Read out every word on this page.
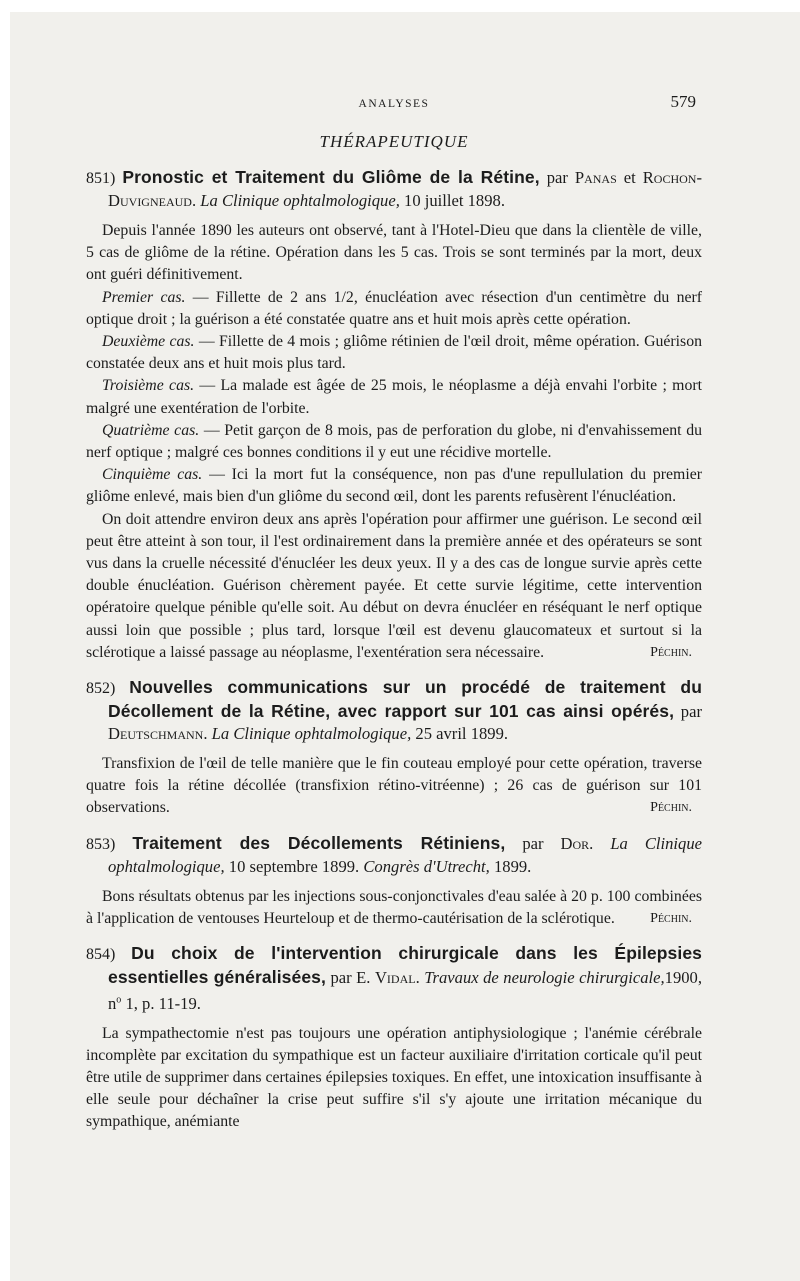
ANALYSES	579
THÉRAPEUTIQUE
851) Pronostic et Traitement du Gliôme de la Rétine, par Panas et Rochon-Duvigneaud. La Clinique ophtalmologique, 10 juillet 1898.

Depuis l'année 1890 les auteurs ont observé, tant à l'Hotel-Dieu que dans la clientèle de ville, 5 cas de gliôme de la rétine. Opération dans les 5 cas. Trois se sont terminés par la mort, deux ont guéri définitivement.

Premier cas. — Fillette de 2 ans 1/2, énucléation avec résection d'un centimètre du nerf optique droit ; la guérison a été constatée quatre ans et huit mois après cette opération.

Deuxième cas. — Fillette de 4 mois ; gliôme rétinien de l'œil droit, même opération. Guérison constatée deux ans et huit mois plus tard.

Troisième cas. — La malade est âgée de 25 mois, le néoplasme a déjà envahi l'orbite ; mort malgré une exentération de l'orbite.

Quatrième cas. — Petit garçon de 8 mois, pas de perforation du globe, ni d'envahissement du nerf optique ; malgré ces bonnes conditions il y eut une récidive mortelle.

Cinquième cas. — Ici la mort fut la conséquence, non pas d'une repullulation du premier gliôme enlevé, mais bien d'un gliôme du second œil, dont les parents refusèrent l'énucléation.

On doit attendre environ deux ans après l'opération pour affirmer une guérison. Le second œil peut être atteint à son tour, il l'est ordinairement dans la première année et des opérateurs se sont vus dans la cruelle nécessité d'énucléer les deux yeux. Il y a des cas de longue survie après cette double énucléation. Guérison chèrement payée. Et cette survie légitime, cette intervention opératoire quelque pénible qu'elle soit. Au début on devra énucléer en réséquant le nerf optique aussi loin que possible ; plus tard, lorsque l'œil est devenu glaucomateux et surtout si la sclérotique a laissé passage au néoplasme, l'exentération sera nécessaire.	Péchin.

852) Nouvelles communications sur un procédé de traitement du Décollement de la Rétine, avec rapport sur 101 cas ainsi opérés, par Deutschmann. La Clinique ophtalmologique, 25 avril 1899.

Transfixion de l'œil de telle manière que le fin couteau employé pour cette opération, traverse quatre fois la rétine décollée (transfixion rétino-vitréenne) ; 26 cas de guérison sur 101 observations.	Péchin.

853) Traitement des Décollements Rétiniens, par Dor. La Clinique ophtalmologique, 10 septembre 1899. Congrès d'Utrecht, 1899.

Bons résultats obtenus par les injections sous-conjonctivales d'eau salée à 20 p. 100 combinées à l'application de ventouses Heurteloup et de thermo-cautérisation de la sclérotique.	Péchin.

854) Du choix de l'intervention chirurgicale dans les Épilepsies essentielles généralisées, par E. Vidal. Travaux de neurologie chirurgicale,1900, $n^o$ 1, p. 11-19.

La sympathectomie n'est pas toujours une opération antiphysiologique ; l'anémie cérébrale incomplète par excitation du sympathique est un facteur auxiliaire d'irritation corticale qu'il peut être utile de supprimer dans certaines épilepsies toxiques. En effet, une intoxication insuffisante à elle seule pour déchaîner la crise peut suffire s'il s'y ajoute une irritation mécanique du sympathique, anémiante
